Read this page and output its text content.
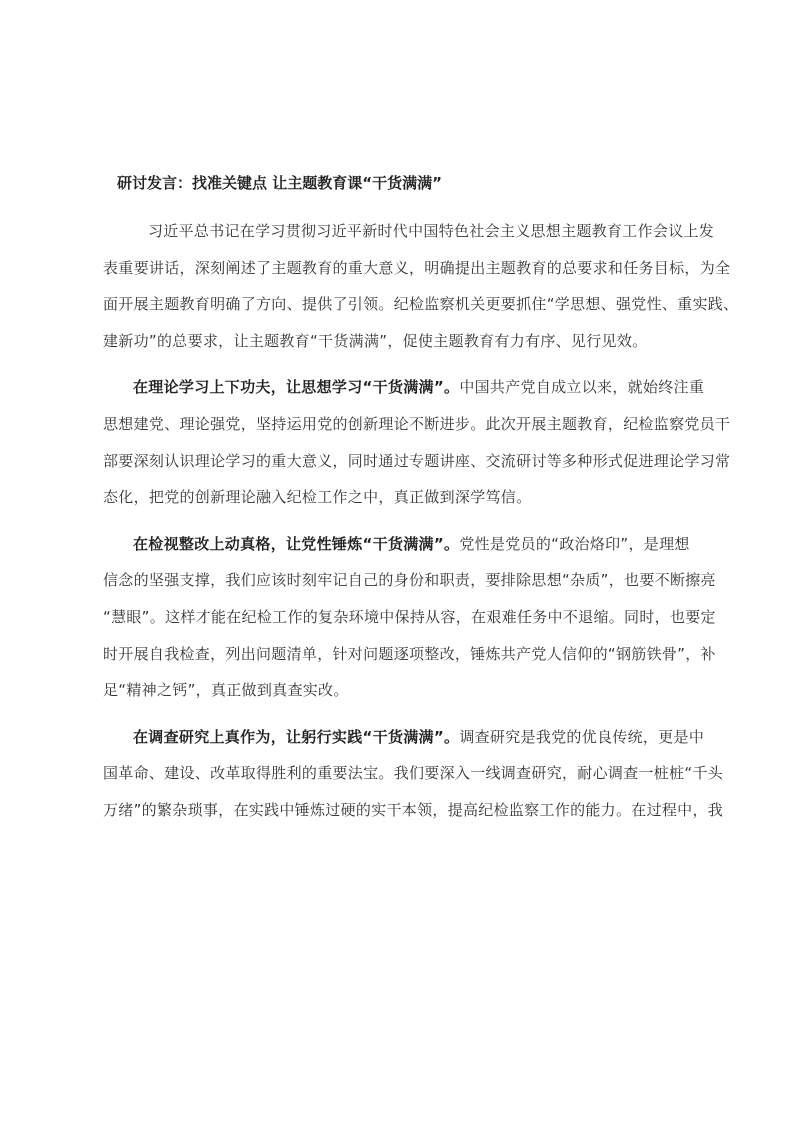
研讨发言：找准关键点 让主题教育课“干货满满”
习近平总书记在学习贯彻习近平新时代中国特色社会主义思想主题教育工作会议上发
表重要讲话，深刻阐述了主题教育的重大意义，明确提出主题教育的总要求和任务目标，为全
面开展主题教育明确了方向、提供了引领。纪检监察机关更要抓住“学思想、强党性、重实践、
建新功”的总要求，让主题教育“干货满满”，促使主题教育有力有序、见行见效。
在理论学习上下功夫，让思想学习“干货满满”。中国共产党自成立以来，就始终注重
思想建党、理论强党，坚持运用党的创新理论不断进步。此次开展主题教育，纪检监察党员干
部要深刻认识理论学习的重大意义，同时通过专题讲座、交流研讨等多种形式促进理论学习常
态化，把党的创新理论融入纪检工作之中，真正做到深学笃信。
在检视整改上动真格，让党性锤炼“干货满满”。党性是党员的“政治烙印”，是理想
信念的坚强支撑，我们应该时刻牢记自己的身份和职责，要排除思想“杂质”，也要不断擦亮
“慧眼”。这样才能在纪检工作的复杂环境中保持从容，在艰难任务中不退缩。同时，也要定
时开展自我检查，列出问题清单，针对问题逐项整改，锤炼共产党人信仰的“钢筋铁骨”，补
足“精神之钙”，真正做到真查实改。
在调查研究上真作为，让躬行实践“干货满满”。调查研究是我党的优良传统，更是中
国革命、建设、改革取得胜利的重要法宝。我们要深入一线调查研究，耐心调查一桩桩“千头
万绪”的繁杂琐事，在实践中锤炼过硬的实干本领，提高纪检监察工作的能力。在过程中，我
